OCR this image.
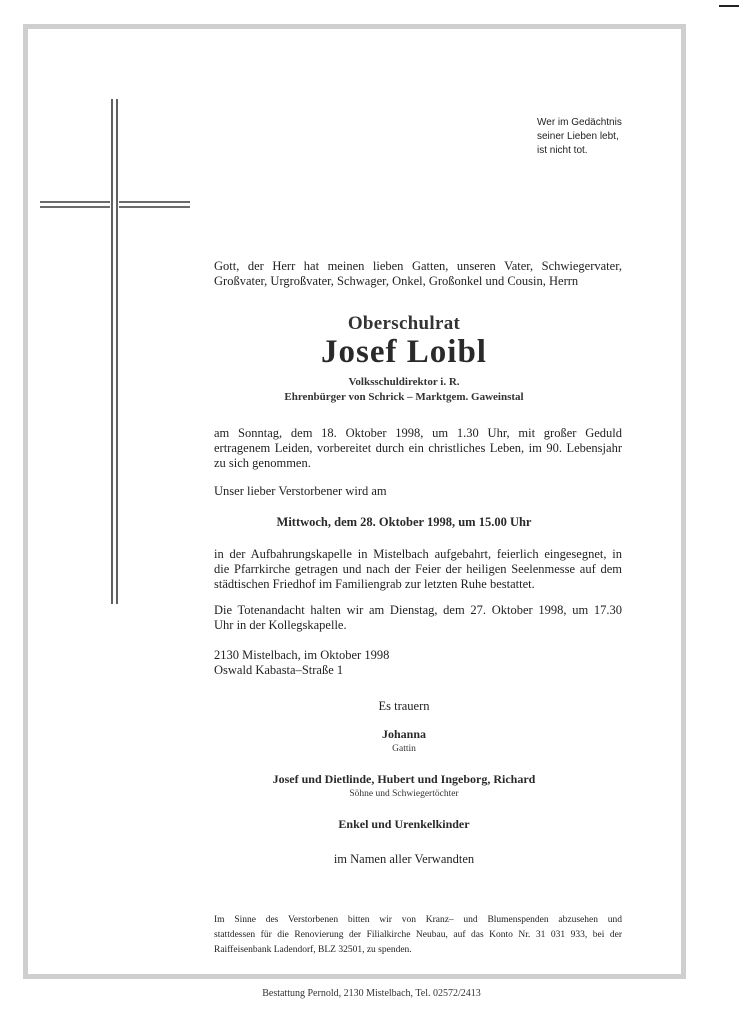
Wer im Gedächtnis
seiner Lieben lebt,
ist nicht tot.
Gott, der Herr hat meinen lieben Gatten, unseren Vater, Schwiegervater,
Großvater, Urgroßvater, Schwager, Onkel, Großonkel und Cousin, Herrn
Oberschulrat
Josef Loibl
Volksschuldirektor i. R.
Ehrenbürger von Schrick – Marktgem. Gaweinstal
am Sonntag, dem 18. Oktober 1998, um 1.30 Uhr, mit großer Geduld
ertragenem Leiden, vorbereitet durch ein christliches Leben, im 90. Lebensjahr
zu sich genommen.
Unser lieber Verstorbener wird am
Mittwoch, dem 28. Oktober 1998, um 15.00 Uhr
in der Aufbahrungskapelle in Mistelbach aufgebahrt, feierlich eingesegnet, in
die Pfarrkirche getragen und nach der Feier der heiligen Seelenmesse auf dem
städtischen Friedhof im Familiengrab zur letzten Ruhe bestattet.
Die Totenandacht halten wir am Dienstag, dem 27. Oktober 1998, um 17.30
Uhr in der Kollegskapelle.
2130 Mistelbach, im Oktober 1998
Oswald Kabasta–Straße 1
Es trauern
Johanna
Gattin
Josef und Dietlinde, Hubert und Ingeborg, Richard
Söhne und Schwiegertöchter
Enkel und Urenkelkinder
im Namen aller Verwandten
Im Sinne des Verstorbenen bitten wir von Kranz– und Blumenspenden abzusehen und
stattdessen für die Renovierung der Filialkirche Neubau, auf das Konto Nr. 31 031 933, bei der
Raiffeisenbank Ladendorf, BLZ 32501, zu spenden.
Bestattung Pernold, 2130 Mistelbach, Tel. 02572/2413
